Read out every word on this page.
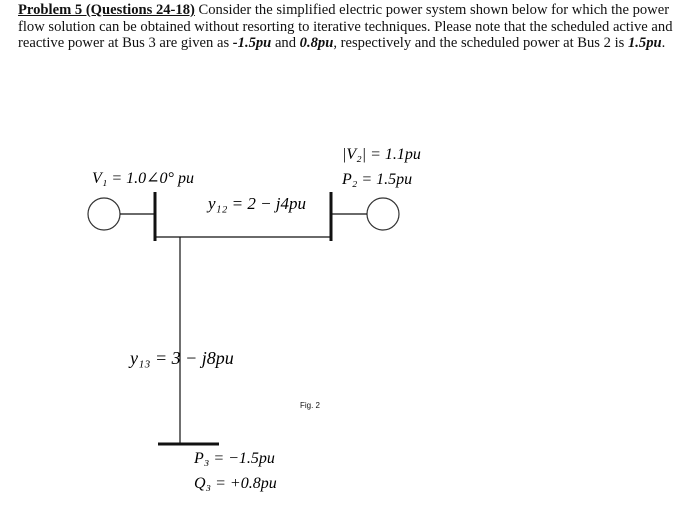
Problem 5 (Questions 24-18) Consider the simplified electric power system shown below for which the power flow solution can be obtained without resorting to iterative techniques. Please note that the scheduled active and reactive power at Bus 3 are given as -1.5pu and 0.8pu, respectively and the scheduled power at Bus 2 is 1.5pu.
V₁ = 1.0∠0° pu
|V₂| = 1.1pu
P₂ = 1.5pu
y₁₂ = 2 − j4pu
y₁₃ = 3 − j8pu
P₃ = −1.5pu
Q₃ = +0.8pu
Fig. 2
